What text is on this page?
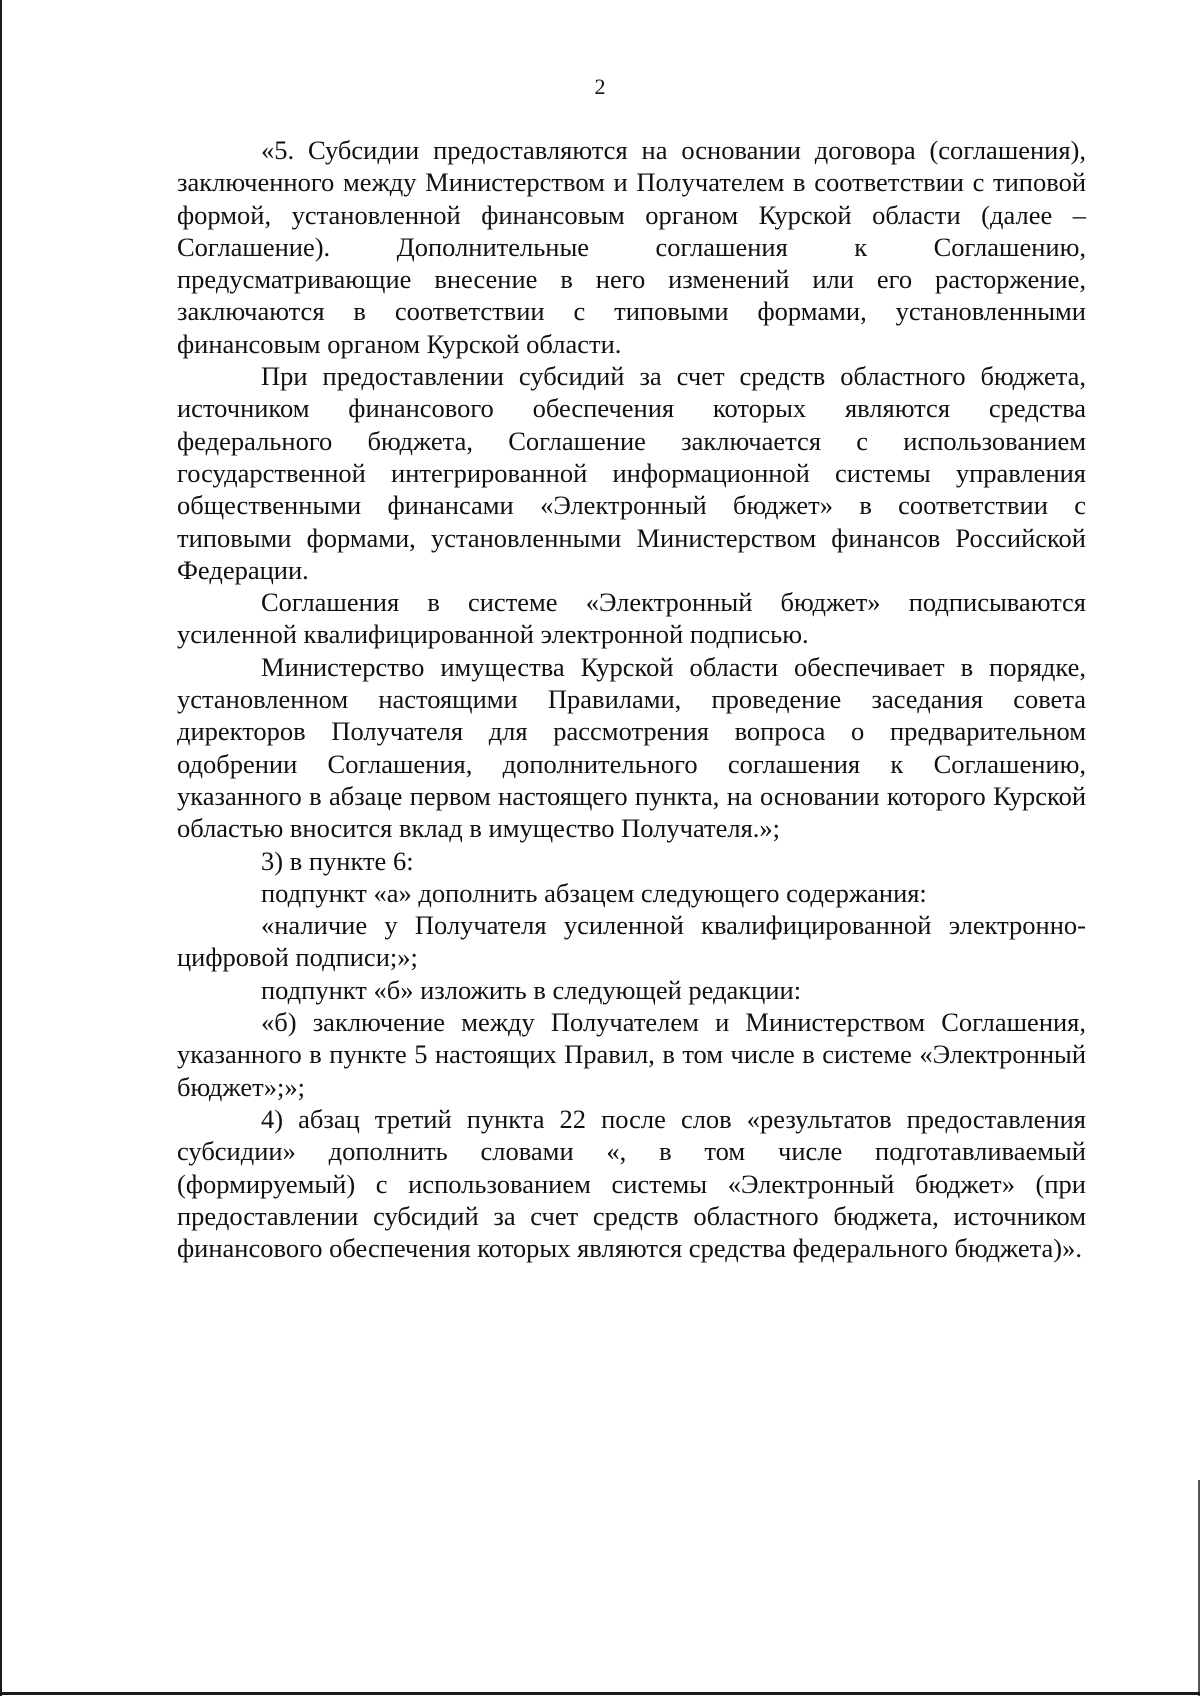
2

«5. Субсидии предоставляются на основании договора (соглашения), заключенного между Министерством и Получателем в соответствии с типовой формой, установленной финансовым органом Курской области (далее – Соглашение). Дополнительные соглашения к Соглашению, предусматривающие внесение в него изменений или его расторжение, заключаются в соответствии с типовыми формами, установленными финансовым органом Курской области.

При предоставлении субсидий за счет средств областного бюджета, источником финансового обеспечения которых являются средства федерального бюджета, Соглашение заключается с использованием государственной интегрированной информационной системы управления общественными финансами «Электронный бюджет» в соответствии с типовыми формами, установленными Министерством финансов Российской Федерации.

Соглашения в системе «Электронный бюджет» подписываются усиленной квалифицированной электронной подписью.

Министерство имущества Курской области обеспечивает в порядке, установленном настоящими Правилами, проведение заседания совета директоров Получателя для рассмотрения вопроса о предварительном одобрении Соглашения, дополнительного соглашения к Соглашению, указанного в абзаце первом настоящего пункта, на основании которого Курской областью вносится вклад в имущество Получателя.»;

3) в пункте 6:

подпункт «а» дополнить абзацем следующего содержания:

«наличие у Получателя усиленной квалифицированной электронно-цифровой подписи;»;

подпункт «б» изложить в следующей редакции:

«б) заключение между Получателем и Министерством Соглашения, указанного в пункте 5 настоящих Правил, в том числе в системе «Электронный бюджет»;»;

4) абзац третий пункта 22 после слов «результатов предоставления субсидии» дополнить словами «, в том числе подготавливаемый (формируемый) с использованием системы «Электронный бюджет» (при предоставлении субсидий за счет средств областного бюджета, источником финансового обеспечения которых являются средства федерального бюджета)».
